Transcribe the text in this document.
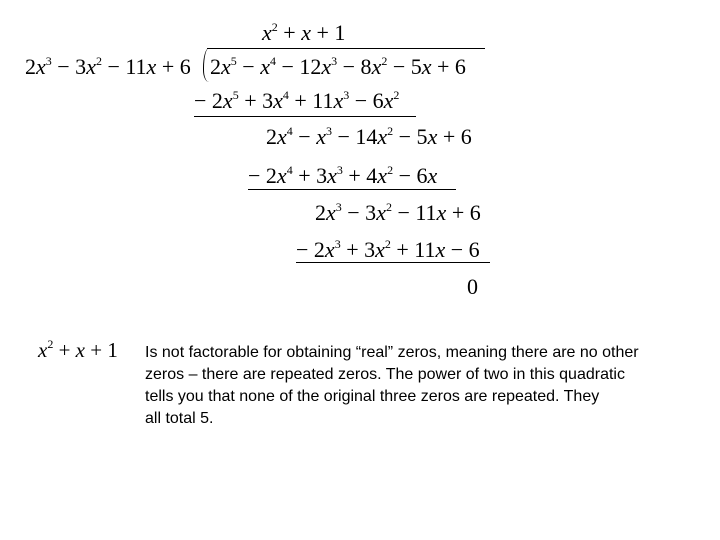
$x^2 + x + 1$
$2x^3 - 3x^2 - 11x + 6$ $2x^5 - x^4 - 12x^3 - 8x^2 - 5x + 6$
− $2x^5 + 3x^4 + 11x^3 - 6x^2$
$2x^4 - x^3 - 14x^2 - 5x + 6$
− $2x^4 + 3x^3 + 4x^2 - 6x$
$2x^3 - 3x^2 - 11x + 6$
− $2x^3 + 3x^2 + 11x - 6$
0
$x^2 + x + 1$ Is not factorable for obtaining “real” zeros, meaning there are no other
zeros – there are repeated zeros. The power of two in this quadratic
tells you that none of the original three zeros are repeated. They
all total 5.
